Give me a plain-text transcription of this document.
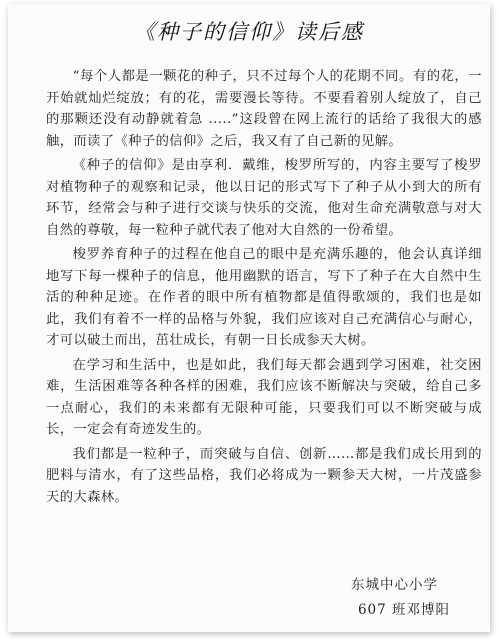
《种子的信仰》读后感

“每个人都是一颗花的种子，只不过每个人的花期不同。有的花，一开始就灿烂绽放；有的花，需要漫长等待。不要看着别人绽放了，自己的那颗还没有动静就着急 .....”这段曾在网上流行的话给了我很大的感触，而读了《种子的信仰》之后，我又有了自己新的见解。

《种子的信仰》是由享利．戴维，梭罗所写的，内容主要写了梭罗对植物种子的观察和记录，他以日记的形式写下了种子从小到大的所有环节，经常会与种子进行交谈与快乐的交流，他对生命充满敬意与对大自然的尊敬，每一粒种子就代表了他对大自然的一份希望。

梭罗养育种子的过程在他自己的眼中是充满乐趣的，他会认真详细地写下每一棵种子的信息，他用幽默的语言，写下了种子在大自然中生活的种种足迹。在作者的眼中所有植物都是值得歌颂的，我们也是如此，我们有着不一样的品格与外貌，我们应该对自己充满信心与耐心，才可以破土而出，茁壮成长，有朝一日长成参天大树。

在学习和生活中，也是如此，我们每天都会遇到学习困难，社交困难，生活困难等各种各样的困难，我们应该不断解决与突破，给自己多一点耐心，我们的未来都有无限种可能，只要我们可以不断突破与成长，一定会有奇迹发生的。

我们都是一粒种子，而突破与自信、创新……都是我们成长用到的肥料与清水，有了这些品格，我们必将成为一颗参天大树，一片茂盛参天的大森林。

东城中心小学
607 班邓博阳
